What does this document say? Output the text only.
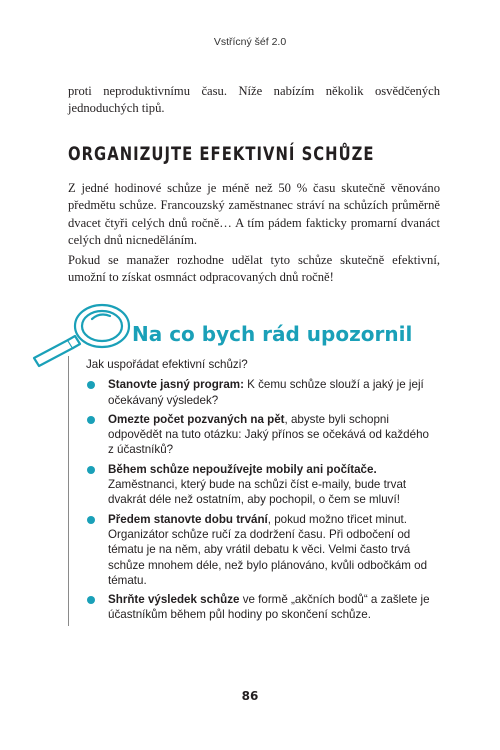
Vstřícný šéf 2.0

proti neproduktivnímu času. Níže nabízím několik osvědčených jednoduchých tipů.

ORGANIZUJTE EFEKTIVNÍ SCHŮZE

Z jedné hodinové schůze je méně než 50 % času skutečně věnováno předmětu schůze. Francouzský zaměstnanec stráví na schůzích průměrně dvacet čtyři celých dnů ročně… A tím pádem fakticky promarní dvanáct celých dnů nicneděláním.

Pokud se manažer rozhodne udělat tyto schůze skutečně efektivní, umožní to získat osmnáct odpracovaných dnů ročně!

Na co bych rád upozornil

Jak uspořádat efektivní schůzi?

Stanovte jasný program: K čemu schůze slouží a jaký je její očekávaný výsledek?
Omezte počet pozvaných na pět, abyste byli schopni odpovědět na tuto otázku: Jaký přínos se očekává od každého z účastníků?
Během schůze nepoužívejte mobily ani počítače. Zaměstnanci, který bude na schůzi číst e-maily, bude trvat dvakrát déle než ostatním, aby pochopil, o čem se mluví!
Předem stanovte dobu trvání, pokud možno třicet minut. Organizátor schůze ručí za dodržení času. Při odbočení od tématu je na něm, aby vrátil debatu k věci. Velmi často trvá schůze mnohem déle, než bylo plánováno, kvůli odbočkám od tématu.
Shrňte výsledek schůze ve formě „akčních bodů“ a zašlete je účastníkům během půl hodiny po skončení schůze.
86
